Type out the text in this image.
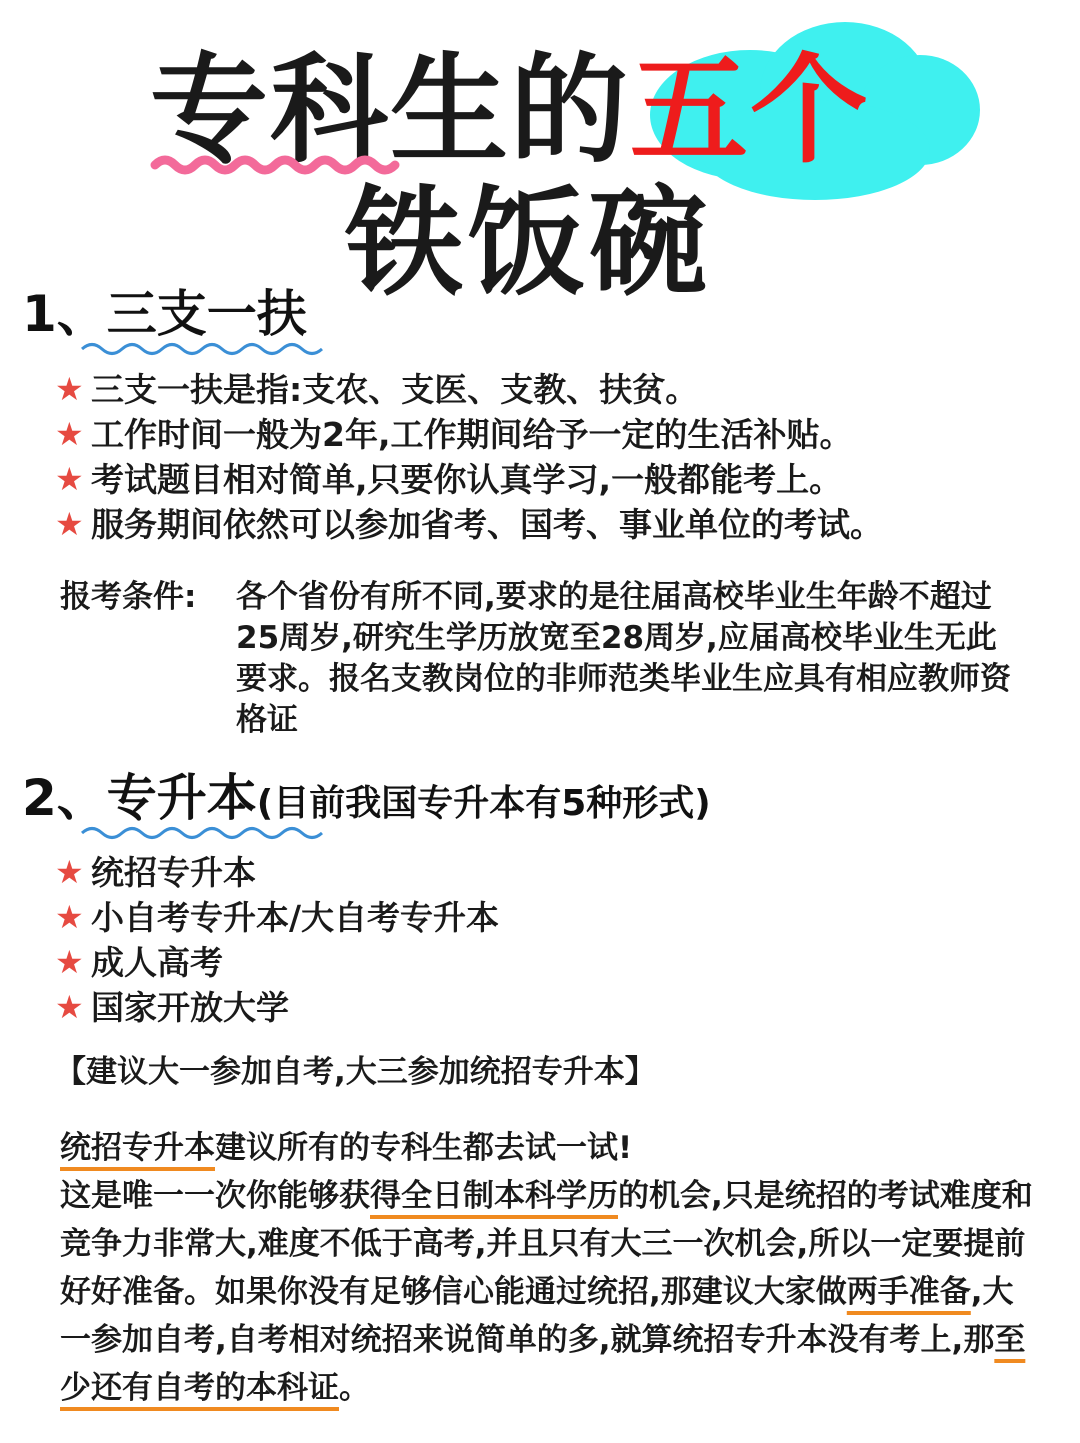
专科生的五个
铁饭碗
1、三支一扶
★ 三支一扶是指:支农、支医、支教、扶贫。
★ 工作时间一般为2年,工作期间给予一定的生活补贴。
★ 考试题目相对简单,只要你认真学习,一般都能考上。
★ 服务期间依然可以参加省考、国考、事业单位的考试。
报考条件: 各个省份有所不同,要求的是往届高校毕业生年龄不超过25周岁,研究生学历放宽至28周岁,应届高校毕业生无此要求。报名支教岗位的非师范类毕业生应具有相应教师资格证
2、专升本(目前我国专升本有5种形式)
★ 统招专升本
★ 小自考专升本/大自考专升本
★ 成人高考
★ 国家开放大学
【建议大一参加自考,大三参加统招专升本】

统招专升本建议所有的专科生都去试一试!

这是唯一一次你能够获得全日制本科学历的机会,只是统招的考试难度和竞争力非常大,难度不低于高考,并且只有大三一次机会,所以一定要提前好好准备。如果你没有足够信心能通过统招,那建议大家做两手准备,大一参加自考,自考相对统招来说简单的多,就算统招专升本没有考上,那至少还有自考的本科证。
